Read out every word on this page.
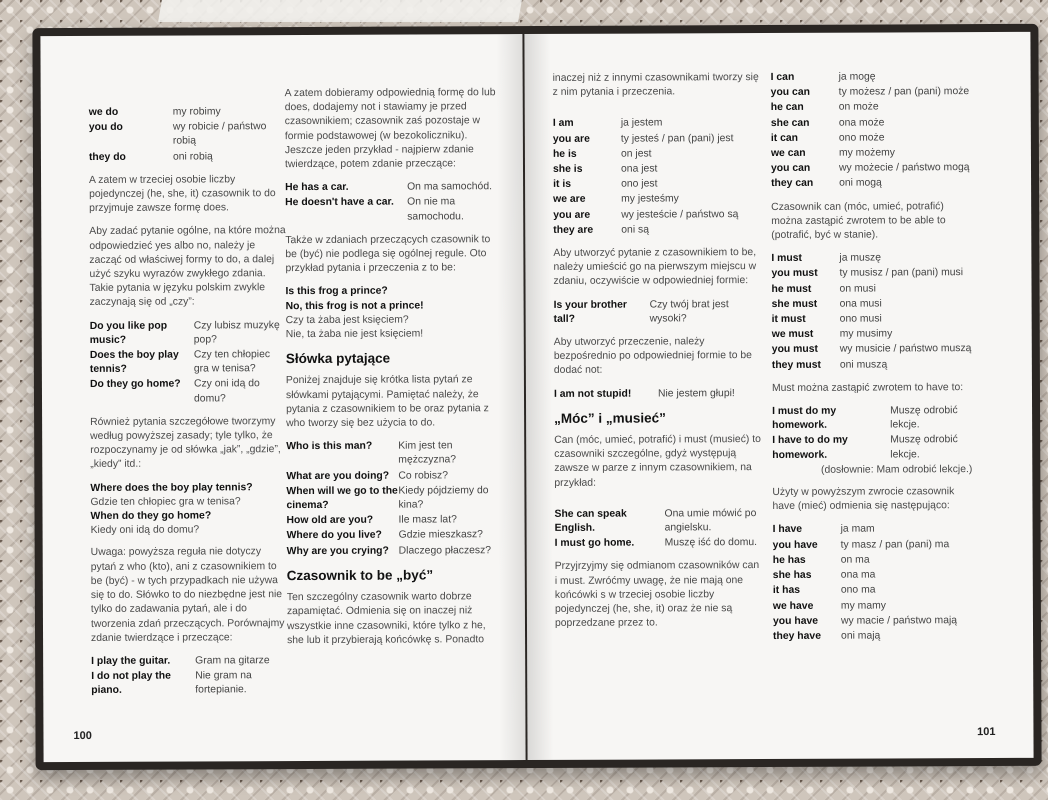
we do	my robimy
you do	wy robicie / państwo robią
they do	oni robią

A zatem w trzeciej osobie liczby pojedynczej (he, she, it) czasownik to do przyjmuje zawsze formę does.

Aby zadać pytanie ogólne, na które można odpowiedzieć yes albo no, należy je zacząć od właściwej formy to do, a dalej użyć szyku wyrazów zwykłego zdania. Takie pytania w języku polskim zwykle zaczynają się od „czy”:

Do you like pop music?
Czy lubisz muzykę pop?
Does the boy play tennis?
Czy ten chłopiec gra w tenisa?
Do they go home?	Czy oni idą do domu?

Również pytania szczegółowe tworzymy według powyższej zasady; tyle tylko, że rozpoczynamy je od słówka „jak”, „gdzie”, „kiedy” itd.:

Where does the boy play tennis?
Gdzie ten chłopiec gra w tenisa?
When do they go home?
Kiedy oni idą do domu?

Uwaga: powyższa reguła nie dotyczy pytań z who (kto), ani z czasownikiem to be (być) - w tych przypadkach nie używa się to do. Słówko to do niezbędne jest nie tylko do zadawania pytań, ale i do tworzenia zdań przeczących. Porównajmy zdanie twierdzące i przeczące:

I play the guitar.	Gram na gitarze
I do not play the piano.
Nie gram na fortepianie.

A zatem dobieramy odpowiednią formę do lub does, dodajemy not i stawiamy je przed czasownikiem; czasownik zaś pozostaje w formie podstawowej (w bezokoliczniku). Jeszcze jeden przykład - najpierw zdanie twierdzące, potem zdanie przeczące:

He has a car.	On ma samochód.
He doesn't have a car.	On nie ma samochodu.

Także w zdaniach przeczących czasownik to be (być) nie podlega się ogólnej regule. Oto przykład pytania i przeczenia z to be:

Is this frog a prince?
No, this frog is not a prince!
Czy ta żaba jest księciem?
Nie, ta żaba nie jest księciem!
Słówka pytające

Poniżej znajduje się krótka lista pytań ze słówkami pytającymi. Pamiętać należy, że pytania z czasownikiem to be oraz pytania z who tworzy się bez użycia to do.

Who is this man?	Kim jest ten mężczyzna?
What are you doing? Co robisz?
When will we go to the cinema?
Kiedy pójdziemy do kina?
How old are you?	Ile masz lat?
Where do you live?	Gdzie mieszkasz?
Why are you crying? Dlaczego płaczesz?
Czasownik to be „być”

Ten szczególny czasownik warto dobrze zapamiętać. Odmienia się on inaczej niż wszystkie inne czasowniki, które tylko z he, she lub it przybierają końcówkę s. Ponadto

100

inaczej niż z innymi czasownikami tworzy się z nim pytania i przeczenia.

I am	ja jestem
you are	ty jesteś / pan (pani) jest
he is	on jest
she is	ona jest
it is	ono jest
we are	my jesteśmy
you are	wy jesteście / państwo są
they are	oni są

Aby utworzyć pytanie z czasownikiem to be, należy umieścić go na pierwszym miejscu w zdaniu, oczywiście w odpowiedniej formie:

Is your brother tall?
Czy twój brat jest wysoki?

Aby utworzyć przeczenie, należy bezpośrednio po odpowiedniej formie to be dodać not:

I am not stupid!	Nie jestem głupi!
„Móc” i „musieć”

Can (móc, umieć, potrafić) i must (musieć) to czasowniki szczególne, gdyż występują zawsze w parze z innym czasownikiem, na przykład:

She can speak English.
Ona umie mówić po angielsku.
I must go home.	Muszę iść do domu.

Przyjrzyjmy się odmianom czasowników can i must. Zwróćmy uwagę, że nie mają one końcówki s w trzeciej osobie liczby pojedynczej (he, she, it) oraz że nie są poprzedzane przez to.

I can	ja mogę
you can	ty możesz / pan (pani) może
he can	on może
she can	ona może
it can	ono może
we can	my możemy
you can	wy możecie / państwo mogą
they can	oni mogą

Czasownik can (móc, umieć, potrafić) można zastąpić zwrotem to be able to (potrafić, być w stanie).

I must	ja muszę
you must	ty musisz / pan (pani) musi
he must	on musi
she must	ona musi
it must	ono musi
we must	my musimy
you must	wy musicie / państwo muszą
they must	oni muszą

Must można zastąpić zwrotem to have to:

I must do my homework.
Muszę odrobić lekcje.
I have to do my homework.
Muszę odrobić lekcje.
(dosłownie: Mam odrobić lekcje.)

Użyty w powyższym zwrocie czasownik have (mieć) odmienia się następująco:

I have	ja mam
you have	ty masz / pan (pani) ma
he has	on ma
she has	ona ma
it has	ono ma
we have	my mamy
you have	wy macie / państwo mają
they have	oni mają
101
